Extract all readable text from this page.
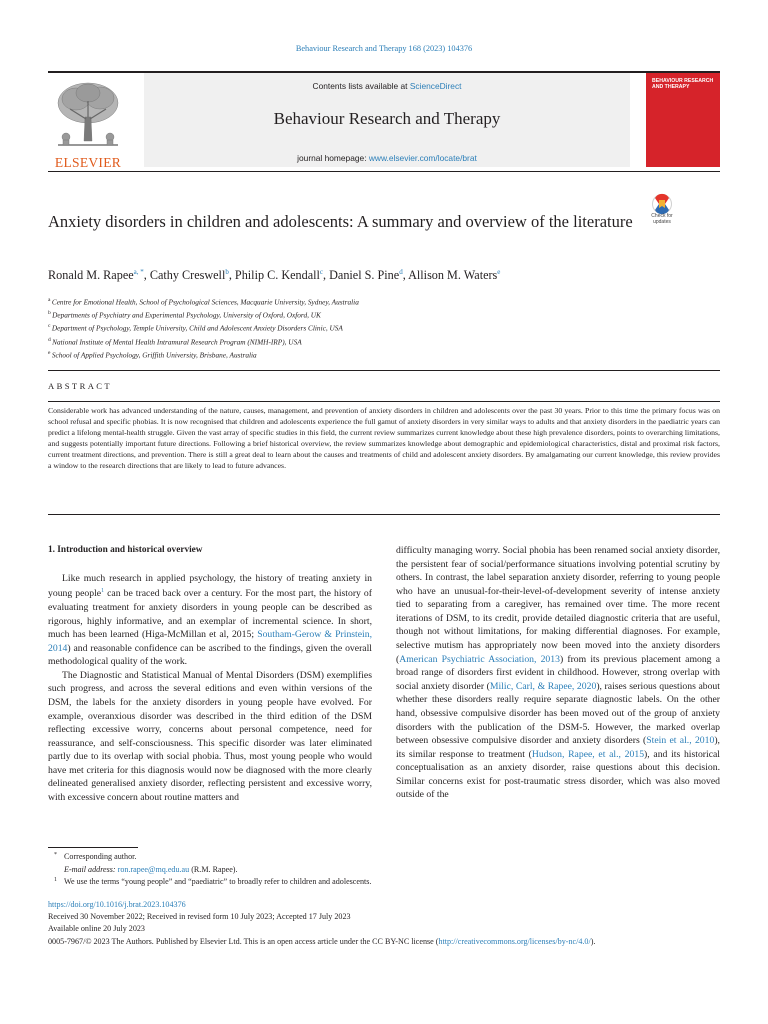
Behaviour Research and Therapy 168 (2023) 104376
ELSEVIER
Contents lists available at ScienceDirect
Behaviour Research and Therapy
journal homepage: www.elsevier.com/locate/brat
BEHAVIOUR RESEARCH AND THERAPY
Check for
updates
Anxiety disorders in children and adolescents: A summary and overview of the literature
Ronald M. Rapee$^{a, *}$, Cathy Creswell$^b$, Philip C. Kendall$^c$, Daniel S. Pine$^d$, Allison M. Waters$^e$
$^a$ Centre for Emotional Health, School of Psychological Sciences, Macquarie University, Sydney, Australia
$^b$ Departments of Psychiatry and Experimental Psychology, University of Oxford, Oxford, UK
$^c$ Department of Psychology, Temple University, Child and Adolescent Anxiety Disorders Clinic, USA
$^d$ National Institute of Mental Health Intramural Research Program (NIMH-IRP), USA
$^e$ School of Applied Psychology, Griffith University, Brisbane, Australia
ABSTRACT
Considerable work has advanced understanding of the nature, causes, management, and prevention of anxiety disorders in children and adolescents over the past 30 years. Prior to this time the primary focus was on school refusal and specific phobias. It is now recognised that children and adolescents experience the full gamut of anxiety disorders in very similar ways to adults and that anxiety disorders in the paediatric years can predict a lifelong mental-health struggle. Given the vast array of specific studies in this field, the current review summarizes current knowledge about these high prevalence disorders, points to overarching limitations, and suggests potentially important future directions. Following a brief historical overview, the review summarizes knowledge about demographic and epidemiological characteristics, distal and proximal risk factors, current treatment directions, and prevention. There is still a great deal to learn about the causes and treatments of child and adolescent anxiety disorders. By amalgamating our current knowledge, this review provides a window to the research directions that are likely to lead to future advances.

1. Introduction and historical overview

Like much research in applied psychology, the history of treating anxiety in young people$^1$ can be traced back over a century. For the most part, the history of evaluating treatment for anxiety disorders in young people can be described as rigorous, highly informative, and an exemplar of incremental science. In short, much has been learned (Higa-McMillan et al, 2015; Southam-Gerow & Prinstein, 2014) and reasonable confidence can be ascribed to the findings, given the overall methodological quality of the work.

The Diagnostic and Statistical Manual of Mental Disorders (DSM) exemplifies such progress, and across the several editions and even within versions of the DSM, the labels for the anxiety disorders in young people have evolved. For example, overanxious disorder was described in the third edition of the DSM reflecting excessive worry, concerns about personal competence, need for reassurance, and self-consciousness. This specific disorder was later eliminated partly due to its overlap with social phobia. Thus, most young people who would have met criteria for this diagnosis would now be diagnosed with the more clearly delineated generalised anxiety disorder, reflecting persistent and excessive worry, with excessive concern about routine matters and

difficulty managing worry. Social phobia has been renamed social anxiety disorder, the persistent fear of social/performance situations involving potential scrutiny by others. In contrast, the label separation anxiety disorder, referring to young people who have an unusual-for-their-level-of-development severity of intense anxiety tied to separating from a caregiver, has remained over time. The more recent iterations of DSM, to its credit, provide detailed diagnostic criteria that are useful, though not without limitations, for making differential diagnoses. For example, selective mutism has appropriately now been moved into the anxiety disorders (American Psychiatric Association, 2013) from its previous placement among a broad range of disorders first evident in childhood. However, strong overlap with social anxiety disorder (Milic, Carl, & Rapee, 2020), raises serious questions about whether these disorders really require separate diagnostic labels. On the other hand, obsessive compulsive disorder has been moved out of the group of anxiety disorders with the publication of the DSM-5. However, the marked overlap between obsessive compulsive disorder and anxiety disorders (Stein et al., 2010), its similar response to treatment (Hudson, Rapee, et al., 2015), and its historical conceptualisation as an anxiety disorder, raise questions about this decision. Similar concerns exist for post-traumatic stress disorder, which was also moved outside of the

* Corresponding author.
E-mail address: ron.rapee@mq.edu.au (R.M. Rapee).
1 We use the terms “young people” and “paediatric” to broadly refer to children and adolescents.
https://doi.org/10.1016/j.brat.2023.104376
Received 30 November 2022; Received in revised form 10 July 2023; Accepted 17 July 2023
Available online 20 July 2023
0005-7967/© 2023 The Authors. Published by Elsevier Ltd. This is an open access article under the CC BY-NC license (http://creativecommons.org/licenses/by-nc/4.0/).
